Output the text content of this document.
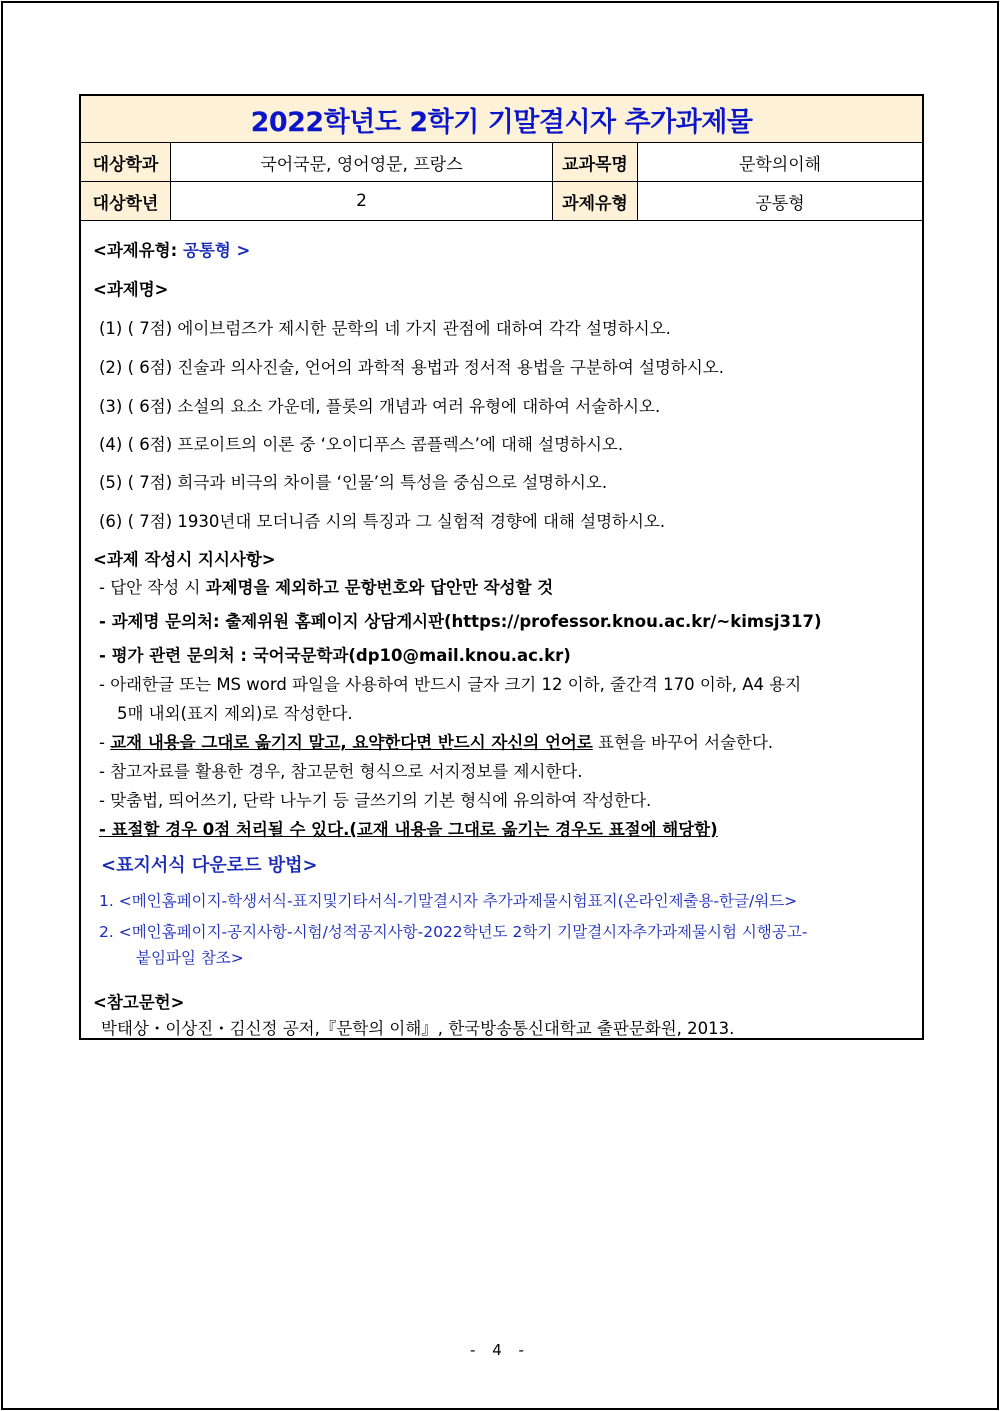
2022학년도 2학기 기말결시자 추가과제물
대상학과	국어국문, 영어영문, 프랑스	교과목명	문학의이해
대상학년	2	과제유형	공통형
<과제유형: 공통형 >
<과제명>
(1) ( 7점) 에이브럼즈가 제시한 문학의 네 가지 관점에 대하여 각각 설명하시오.
(2) ( 6점) 진술과 의사진술, 언어의 과학적 용법과 정서적 용법을 구분하여 설명하시오.
(3) ( 6점) 소설의 요소 가운데, 플롯의 개념과 여러 유형에 대하여 서술하시오.
(4) ( 6점) 프로이트의 이론 중 ‘오이디푸스 콤플렉스’에 대해 설명하시오.
(5) ( 7점) 희극과 비극의 차이를 ‘인물’의 특성을 중심으로 설명하시오.
(6) ( 7점) 1930년대 모더니즘 시의 특징과 그 실험적 경향에 대해 설명하시오.
<과제 작성시 지시사항>
- 답안 작성 시 과제명을 제외하고 문항번호와 답안만 작성할 것
- 과제명 문의처: 출제위원 홈페이지 상담게시판(https://professor.knou.ac.kr/~kimsj317)
- 평가 관련 문의처 : 국어국문학과(dp10@mail.knou.ac.kr)
- 아래한글 또는 MS word 파일을 사용하여 반드시 글자 크기 12 이하, 줄간격 170 이하, A4 용지
5매 내외(표지 제외)로 작성한다.
- 교재 내용을 그대로 옮기지 말고, 요약한다면 반드시 자신의 언어로 표현을 바꾸어 서술한다.
- 참고자료를 활용한 경우, 참고문헌 형식으로 서지정보를 제시한다.
- 맞춤법, 띄어쓰기, 단락 나누기 등 글쓰기의 기본 형식에 유의하여 작성한다.
- 표절할 경우 0점 처리될 수 있다.(교재 내용을 그대로 옮기는 경우도 표절에 해당함)
<표지서식 다운로드 방법>
1. <메인홈페이지-학생서식-표지및기타서식-기말결시자 추가과제물시험표지(온라인제출용-한글/워드>
2. <메인홈페이지-공지사항-시험/성적공지사항-2022학년도 2학기 기말결시자추가과제물시험 시행공고-
붙임파일 참조>
<참고문헌>
박태상・이상진・김신정 공저,『문학의 이해』, 한국방송통신대학교 출판문화원, 2013.
- 4 -
